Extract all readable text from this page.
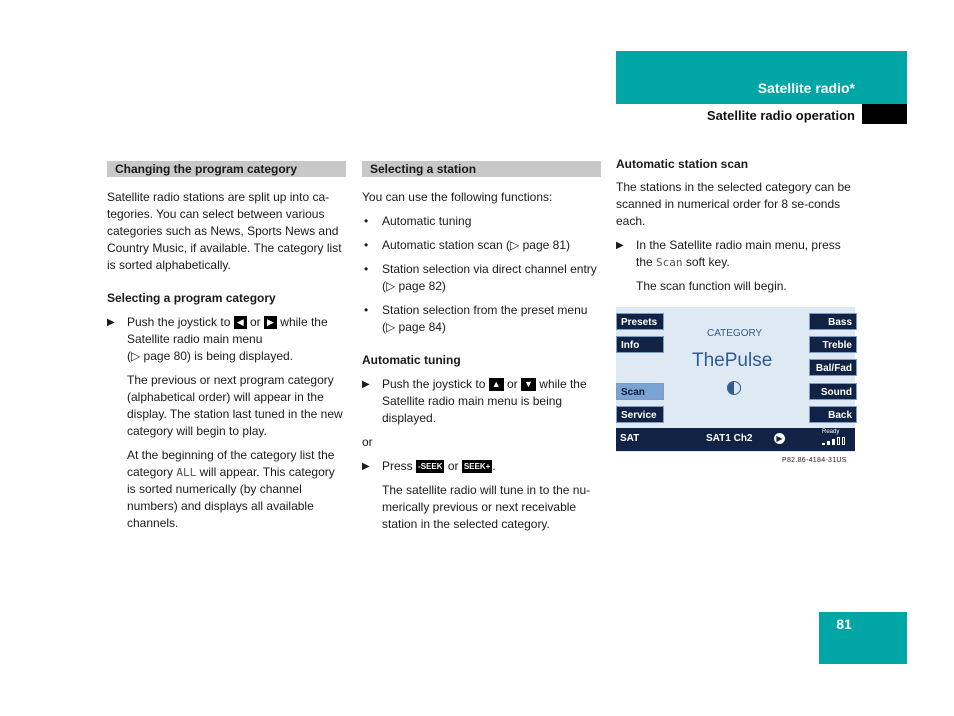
Satellite radio*
Satellite radio operation
Changing the program category

Satellite radio stations are split up into ca-tegories. You can select between various categories such as News, Sports News and Country Music, if available. The category list is sorted alphabetically.

Selecting a program category

▶ Push the joystick to ◀ or ▶ while the Satellite radio main menu
(▷ page 80) is being displayed.

The previous or next program category (alphabetical order) will appear in the display. The station last tuned in the new category will begin to play.

At the beginning of the category list the category ALL will appear. This category is sorted numerically (by channel numbers) and displays all available channels.

Selecting a station

You can use the following functions:

• Automatic tuning
• Automatic station scan (▷ page 81)
• Station selection via direct channel entry (▷ page 82)
• Station selection from the preset menu (▷ page 84)

Automatic tuning

▶ Push the joystick to ▲ or ▼ while the Satellite radio main menu is being displayed.

or

▶ Press -SEEK or SEEK+ .

The satellite radio will tune in to the nu-merically previous or next receivable station in the selected category.

Automatic station scan

The stations in the selected category can be scanned in numerical order for 8 se-conds each.

▶ In the Satellite radio main menu, press the Scan soft key.

The scan function will begin.

Presets
Info
Scan
Service
Bass
Treble
Bal/Fad
Sound
Back
CATEGORY
ThePulse
SAT	SAT1 Ch2	▶
Ready
P82.86-4184-31US
81
